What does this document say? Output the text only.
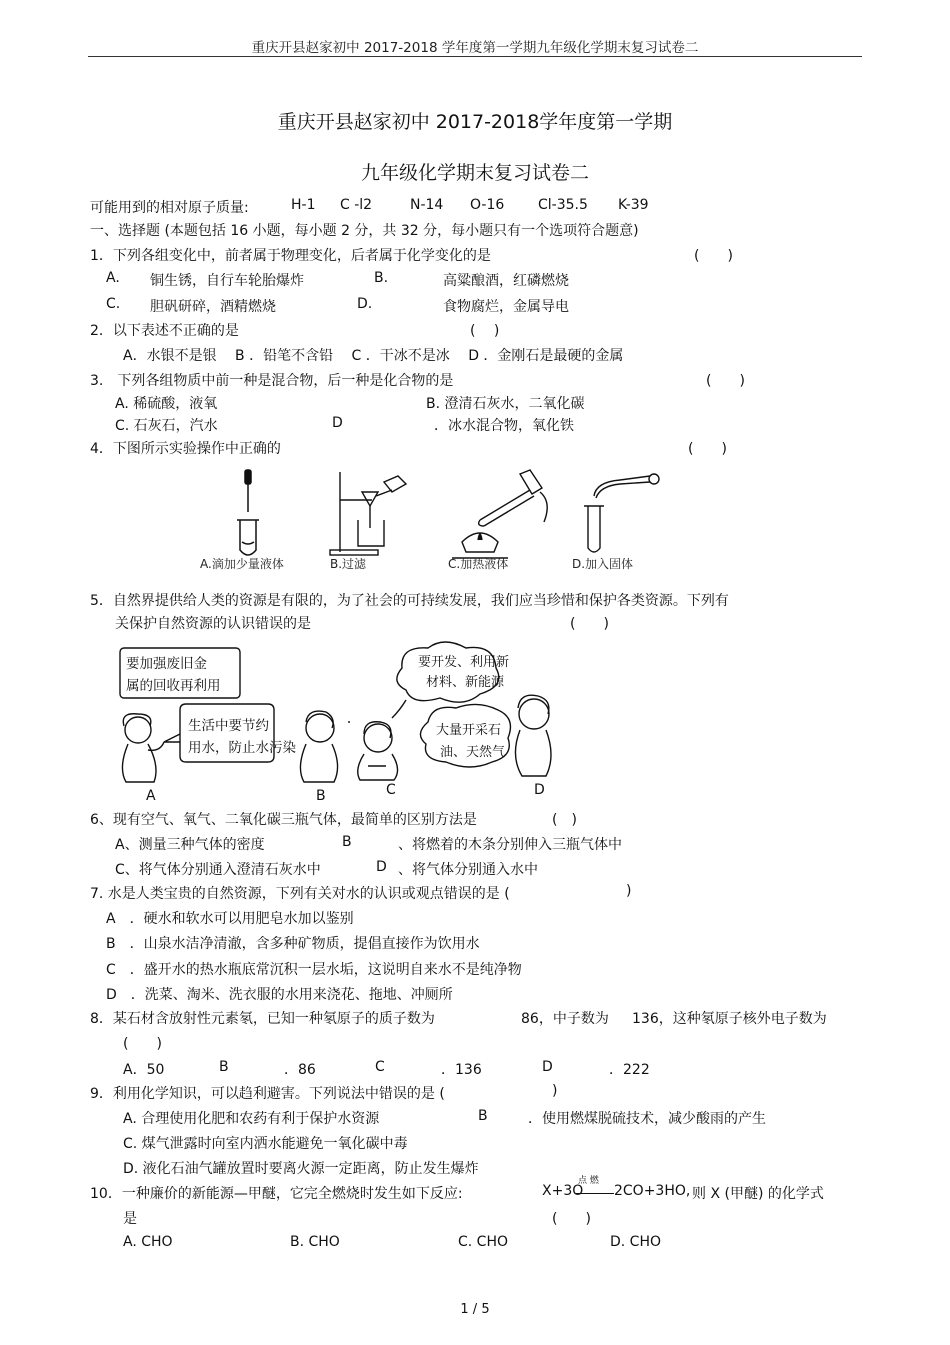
重庆开县赵家初中 2017-2018 学年度第一学期九年级化学期末复习试卷二
重庆开县赵家初中 2017-2018学年度第一学期
九年级化学期末复习试卷二
可能用到的相对原子质量:	H-1 C -l2	N-14 O-16 Cl-35.5 K-39
一、选择题 (本题包括 16 小题，每小题 2 分，共 32 分，每小题只有一个选项符合题意)
1．下列各组变化中，前者属于物理变化，后者属于化学变化的是	(　　)
A. 铜生锈，自行车轮胎爆炸	B.	高粱酿酒，红磷燃烧
C. 胆矾研碎，酒精燃烧	D.	食物腐烂，金属导电
2．以下表述不正确的是	( 　)
A．水银不是银　 B ．铅笔不含铅　 C ．干冰不是冰　 D ．金刚石是最硬的金属
3.　下列各组物质中前一种是混合物，后一种是化合物的是	(　　)
A. 稀硫酸，液氧	B. 澄清石灰水，二氧化碳
C. 石灰石，汽水	D	．冰水混合物，氧化铁
4．下图所示实验操作中正确的	(　　)
A.滴加少量液体	B.过滤	C.加热液体	D.加入固体
5．自然界提供给人类的资源是有限的，为了社会的可持续发展，我们应当珍惜和保护各类资源。下列有
关保护自然资源的认识错误的是	(　　)
要加强废旧金
属的回收再利用
生活中要节约
用水，防止水污染
要开发、利用新
材料、新能源
大量开采石
油、天然气
A	B	C	D
6、现有空气、氧气、二氧化碳三瓶气体，最简单的区别方法是	(　)
A、测量三种气体的密度	B	、将燃着的木条分别伸入三瓶气体中
C、将气体分别通入澄清石灰水中	D 、将气体分别通入水中
7. 水是人类宝贵的自然资源，下列有关对水的认识或观点错误的是 (	)
A　．硬水和软水可以用肥皂水加以鉴别
B　．山泉水洁净清澈，含多种矿物质，提倡直接作为饮用水
C　．盛开水的热水瓶底常沉积一层水垢，这说明自来水不是纯净物
D　．洗菜、淘米、洗衣服的水用来浇花、拖地、冲厕所
8．某石材含放射性元素氡，已知一种氡原子的质子数为	86，中子数为 136，这种氡原子核外电子数为
(　　)
A．50	B	．86	C	．136	D	．222
9．利用化学知识，可以趋利避害。下列说法中错误的是 (	)
A. 合理使用化肥和农药有利于保护水资源	B	．使用燃煤脱硫技术，减少酸雨的产生
C. 煤气泄露时向室内洒水能避免一氧化碳中毒
D. 液化石油气罐放置时要离火源一定距离，防止发生爆炸
10．一种廉价的新能源—甲醚，它完全燃烧时发生如下反应:	X+3O
点 燃
2CO+3HO, 则 X (甲醚) 的化学式
是	(　　)
A. CHO	B. CHO	C. CHO	D. CHO
1 / 5
